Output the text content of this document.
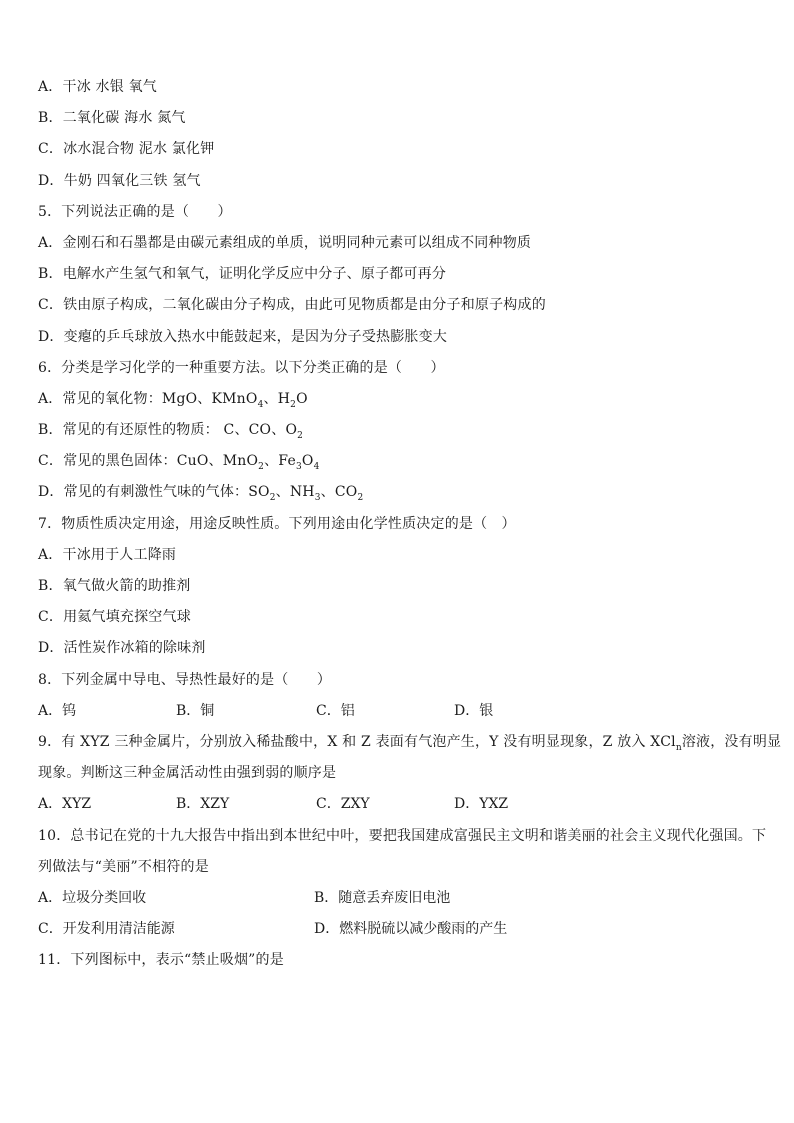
A．干冰 水银 氧气

B．二氧化碳 海水 氮气

C．冰水混合物 泥水 氯化钾

D．牛奶 四氧化三铁 氢气

5．下列说法正确的是（　　）

A．金刚石和石墨都是由碳元素组成的单质，说明同种元素可以组成不同种物质

B．电解水产生氢气和氧气，证明化学反应中分子、原子都可再分

C．铁由原子构成，二氧化碳由分子构成，由此可见物质都是由分子和原子构成的

D．变瘪的乒乓球放入热水中能鼓起来，是因为分子受热膨胀变大

6．分类是学习化学的一种重要方法。以下分类正确的是（　　）

A．常见的氧化物：MgO、KMnO$_4$、$H_2O$

B．常见的有还原性的物质： C、CO、$O_2$

C．常见的黑色固体：CuO、MnO$_2$、$Fe_3O_4$

D．常见的有刺激性气味的气体：$SO_2$、$NH_3$、$CO_2$

7．物质性质决定用途，用途反映性质。下列用途由化学性质决定的是（　）

A．干冰用于人工降雨

B．氧气做火箭的助推剂

C．用氦气填充探空气球

D．活性炭作冰箱的除味剂

8．下列金属中导电、导热性最好的是（　　）

A．钨	B．铜	C．铝	D．银

9．有 XYZ 三种金属片，分别放入稀盐酸中，X 和 Z 表面有气泡产生，Y 没有明显现象，Z 放入 XCl$_n$溶液，没有明显

现象。判断这三种金属活动性由强到弱的顺序是

A．XYZ	B．XZY	C．ZXY	D．YXZ

10．总书记在党的十九大报告中指出到本世纪中叶，要把我国建成富强民主文明和谐美丽的社会主义现代化强国。下

列做法与“美丽”不相符的是

A．垃圾分类回收	B．随意丢弃废旧电池
C．开发利用清洁能源	D．燃料脱硫以减少酸雨的产生

11．下列图标中，表示“禁止吸烟”的是
